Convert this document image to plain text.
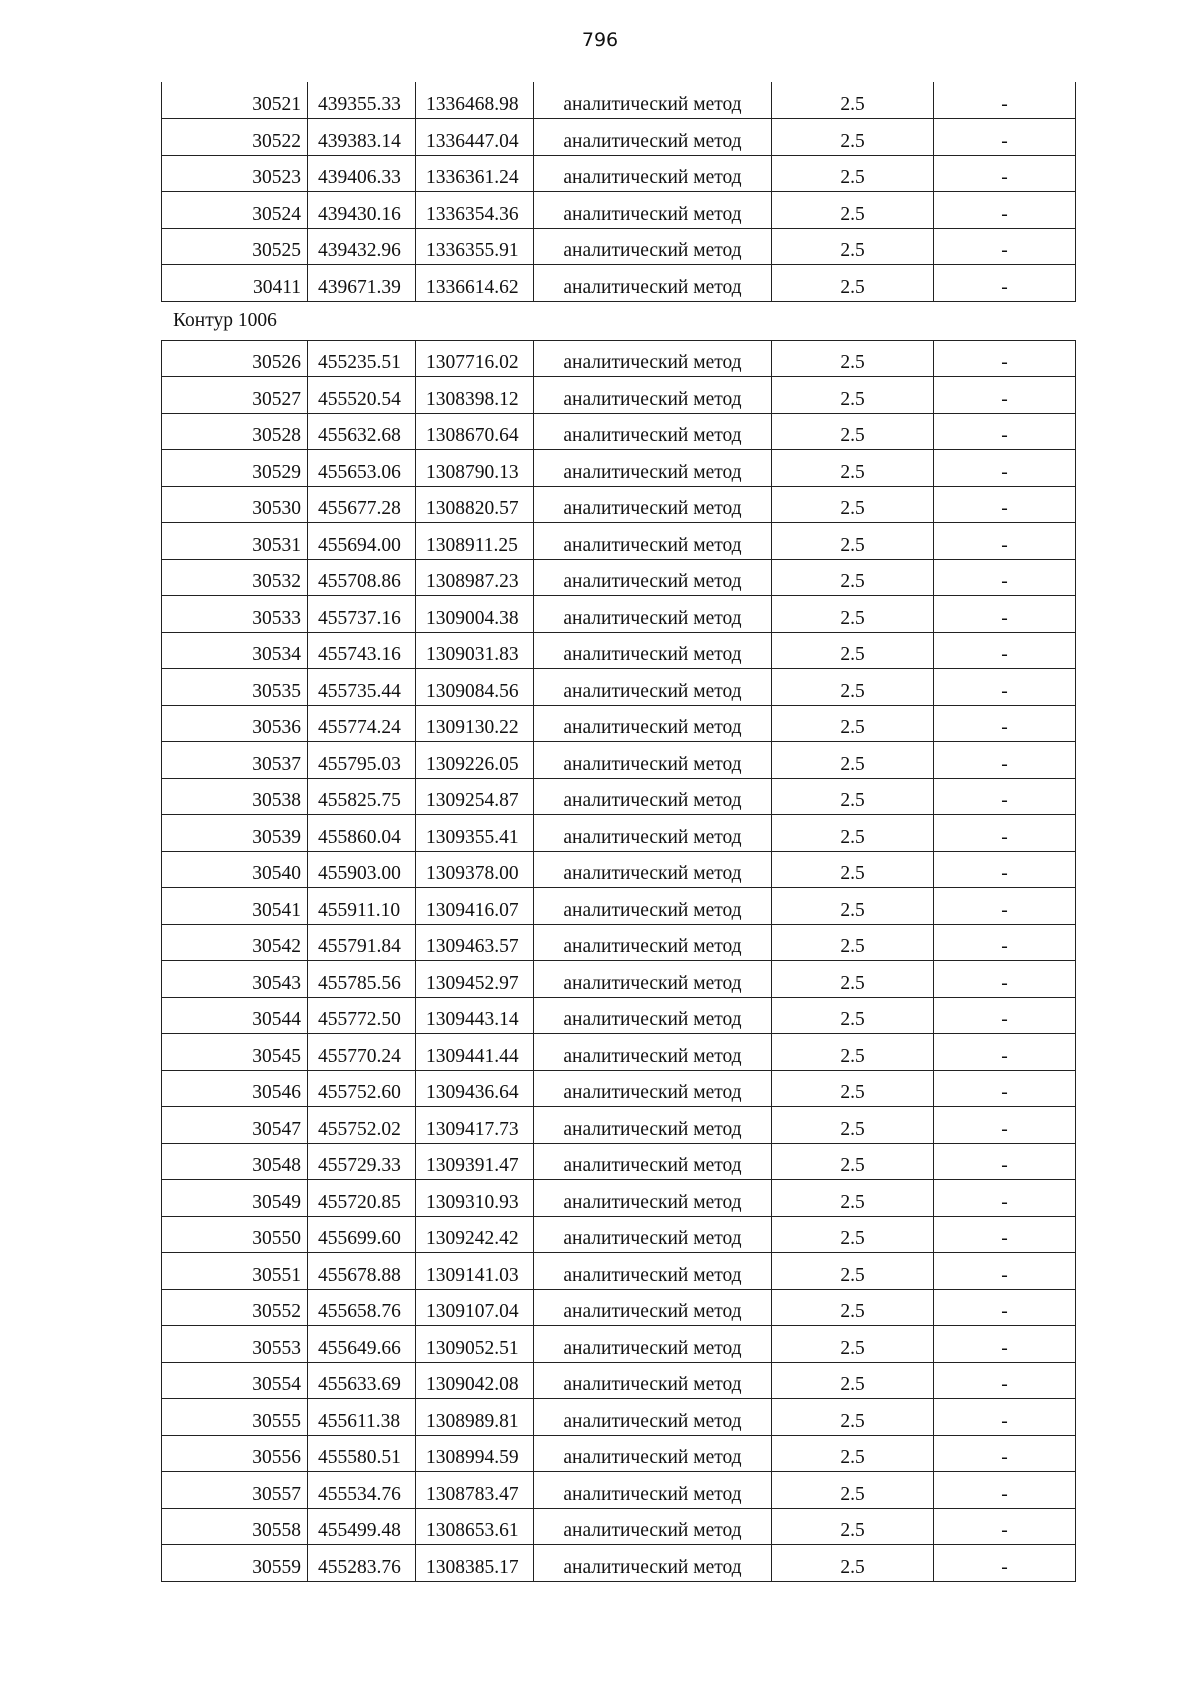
796
30521	439355.33	1336468.98	аналитический метод	2.5	-
30522	439383.14	1336447.04	аналитический метод	2.5	-
30523	439406.33	1336361.24	аналитический метод	2.5	-
30524	439430.16	1336354.36	аналитический метод	2.5	-
30525	439432.96	1336355.91	аналитический метод	2.5	-
30411	439671.39	1336614.62	аналитический метод	2.5	-
Контур 1006
30526	455235.51	1307716.02	аналитический метод	2.5	-
30527	455520.54	1308398.12	аналитический метод	2.5	-
30528	455632.68	1308670.64	аналитический метод	2.5	-
30529	455653.06	1308790.13	аналитический метод	2.5	-
30530	455677.28	1308820.57	аналитический метод	2.5	-
30531	455694.00	1308911.25	аналитический метод	2.5	-
30532	455708.86	1308987.23	аналитический метод	2.5	-
30533	455737.16	1309004.38	аналитический метод	2.5	-
30534	455743.16	1309031.83	аналитический метод	2.5	-
30535	455735.44	1309084.56	аналитический метод	2.5	-
30536	455774.24	1309130.22	аналитический метод	2.5	-
30537	455795.03	1309226.05	аналитический метод	2.5	-
30538	455825.75	1309254.87	аналитический метод	2.5	-
30539	455860.04	1309355.41	аналитический метод	2.5	-
30540	455903.00	1309378.00	аналитический метод	2.5	-
30541	455911.10	1309416.07	аналитический метод	2.5	-
30542	455791.84	1309463.57	аналитический метод	2.5	-
30543	455785.56	1309452.97	аналитический метод	2.5	-
30544	455772.50	1309443.14	аналитический метод	2.5	-
30545	455770.24	1309441.44	аналитический метод	2.5	-
30546	455752.60	1309436.64	аналитический метод	2.5	-
30547	455752.02	1309417.73	аналитический метод	2.5	-
30548	455729.33	1309391.47	аналитический метод	2.5	-
30549	455720.85	1309310.93	аналитический метод	2.5	-
30550	455699.60	1309242.42	аналитический метод	2.5	-
30551	455678.88	1309141.03	аналитический метод	2.5	-
30552	455658.76	1309107.04	аналитический метод	2.5	-
30553	455649.66	1309052.51	аналитический метод	2.5	-
30554	455633.69	1309042.08	аналитический метод	2.5	-
30555	455611.38	1308989.81	аналитический метод	2.5	-
30556	455580.51	1308994.59	аналитический метод	2.5	-
30557	455534.76	1308783.47	аналитический метод	2.5	-
30558	455499.48	1308653.61	аналитический метод	2.5	-
30559	455283.76	1308385.17	аналитический метод	2.5	-
